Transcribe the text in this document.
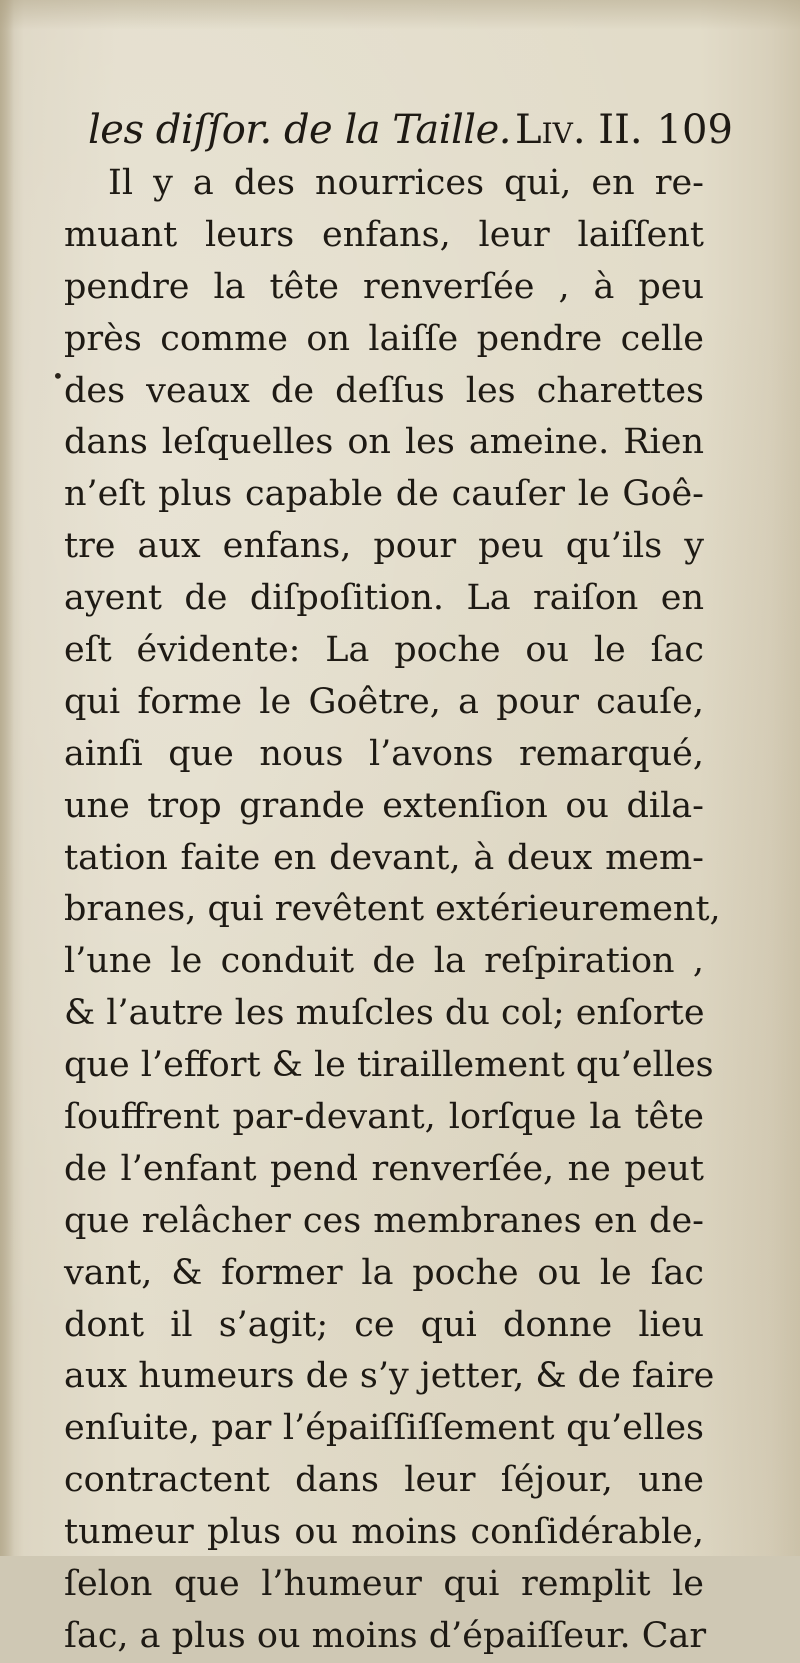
les diſſor. de la Taille. Liv. II. 109
•
Il y a des nourrices qui, en re-
muant leurs enfans, leur laiſſent
pendre la tête renverſée , à peu
près comme on laiſſe pendre celle
des veaux de deſſus les charettes
dans leſquelles on les ameine. Rien
n’eſt plus capable de cauſer le Goê-
tre aux enfans, pour peu qu’ils y
ayent de diſpoſition. La raiſon en
eſt évidente: La poche ou le ſac
qui forme le Goêtre, a pour cauſe,
ainſi que nous l’avons remarqué,
une trop grande extenſion ou dila-
tation faite en devant, à deux mem-
branes, qui revêtent extérieurement,
l’une le conduit de la reſpiration ,
& l’autre les muſcles du col; enſorte
que l’effort & le tiraillement qu’elles
ſouffrent par-devant, lorſque la tête
de l’enfant pend renverſée, ne peut
que relâcher ces membranes en de-
vant, & former la poche ou le ſac
dont il s’agit; ce qui donne lieu
aux humeurs de s’y jetter, & de faire
enſuite, par l’épaiſſiſſement qu’elles
contractent dans leur ſéjour, une
tumeur plus ou moins conſidérable,
ſelon que l’humeur qui remplit le
ſac, a plus ou moins d’épaiſſeur. Car
